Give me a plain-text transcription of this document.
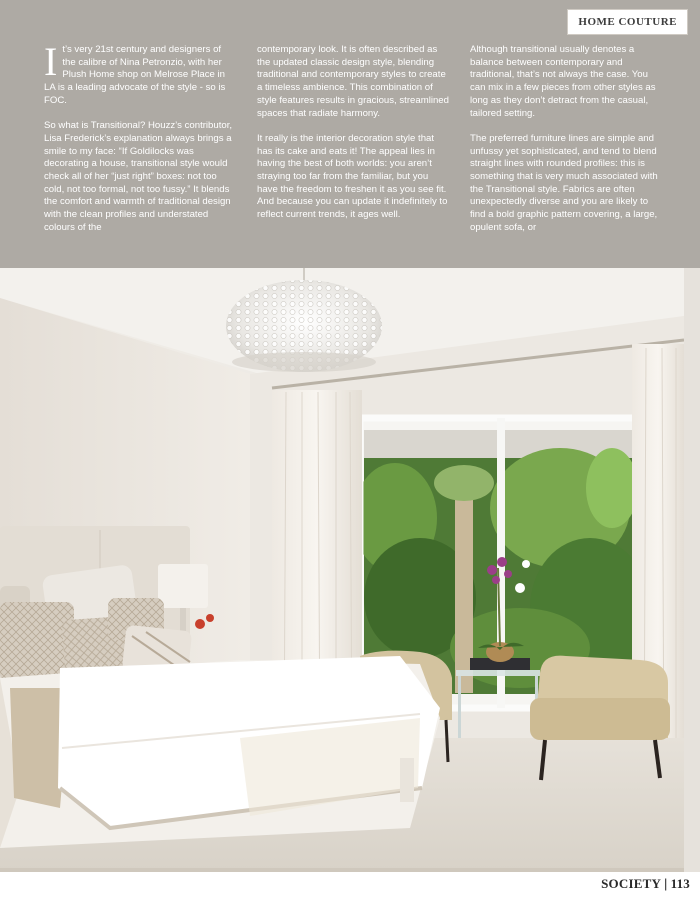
HOME COUTURE

I t’s very 21st century and designers of the calibre of Nina Petronzio, with her Plush Home shop on Melrose Place in LA is a leading advocate of the style - so is FOC.

So what is Transitional? Houzz’s contributor, Lisa Frederick’s explanation always brings a smile to my face: “If Goldilocks was decorating a house, transitional style would check all of her “just right” boxes: not too cold, not too formal, not too fussy.” It blends the comfort and warmth of traditional design with the clean profiles and understated colours of the

contemporary look. It is often described as the updated classic design style, blending traditional and contemporary styles to create a timeless ambience. This combination of style features results in gracious, streamlined spaces that radiate harmony.

It really is the interior decoration style that has its cake and eats it! The appeal lies in having the best of both worlds: you aren’t straying too far from the familiar, but you have the freedom to freshen it as you see fit. And because you can update it indefinitely to reflect current trends, it ages well.

Although transitional usually denotes a balance between contemporary and traditional, that’s not always the case. You can mix in a few pieces from other styles as long as they don’t detract from the casual, tailored setting.

The preferred furniture lines are simple and unfussy yet sophisticated, and tend to blend straight lines with rounded profiles: this is something that is very much associated with the Transitional style. Fabrics are often unexpectedly diverse and you are likely to find a bold graphic pattern covering, a large, opulent sofa, or

SOCIETY | 113
